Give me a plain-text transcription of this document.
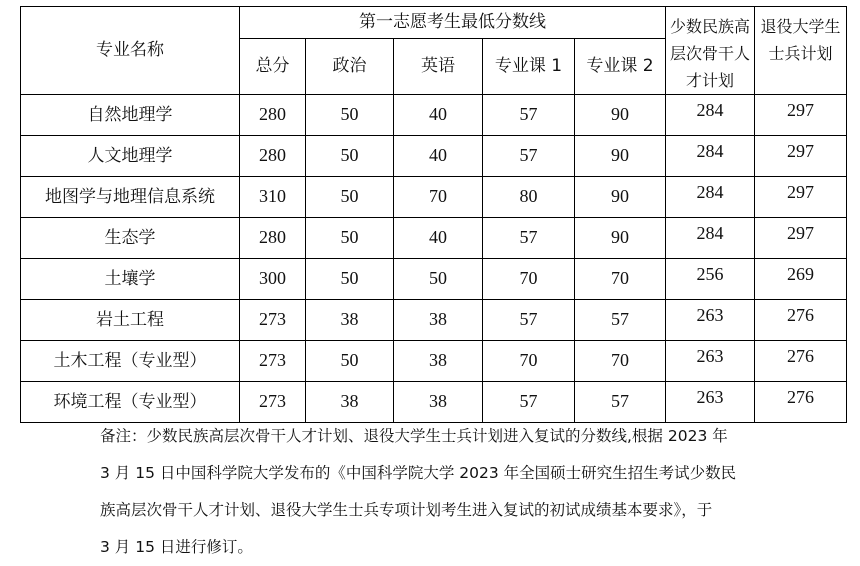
专业名称	第一志愿考生最低分数线					少数民族高层次骨干人才计划	退役大学生士兵计划
	总分	政治	英语	专业课 1	专业课 2		
自然地理学	280	50	40	57	90	284	297
人文地理学	280	50	40	57	90	284	297
地图学与地理信息系统	310	50	70	80	90	284	297
生态学	280	50	40	57	90	284	297
土壤学	300	50	50	70	70	256	269
岩土工程	273	38	38	57	57	263	276
土木工程（专业型）	273	50	38	70	70	263	276
环境工程（专业型）	273	38	38	57	57	263	276
备注：少数民族高层次骨干人才计划、退役大学生士兵计划进入复试的分数线,根据 2023 年
3 月 15 日中国科学院大学发布的《中国科学院大学 2023 年全国硕士研究生招生考试少数民
族高层次骨干人才计划、退役大学生士兵专项计划考生进入复试的初试成绩基本要求》，于
3 月 15 日进行修订。
